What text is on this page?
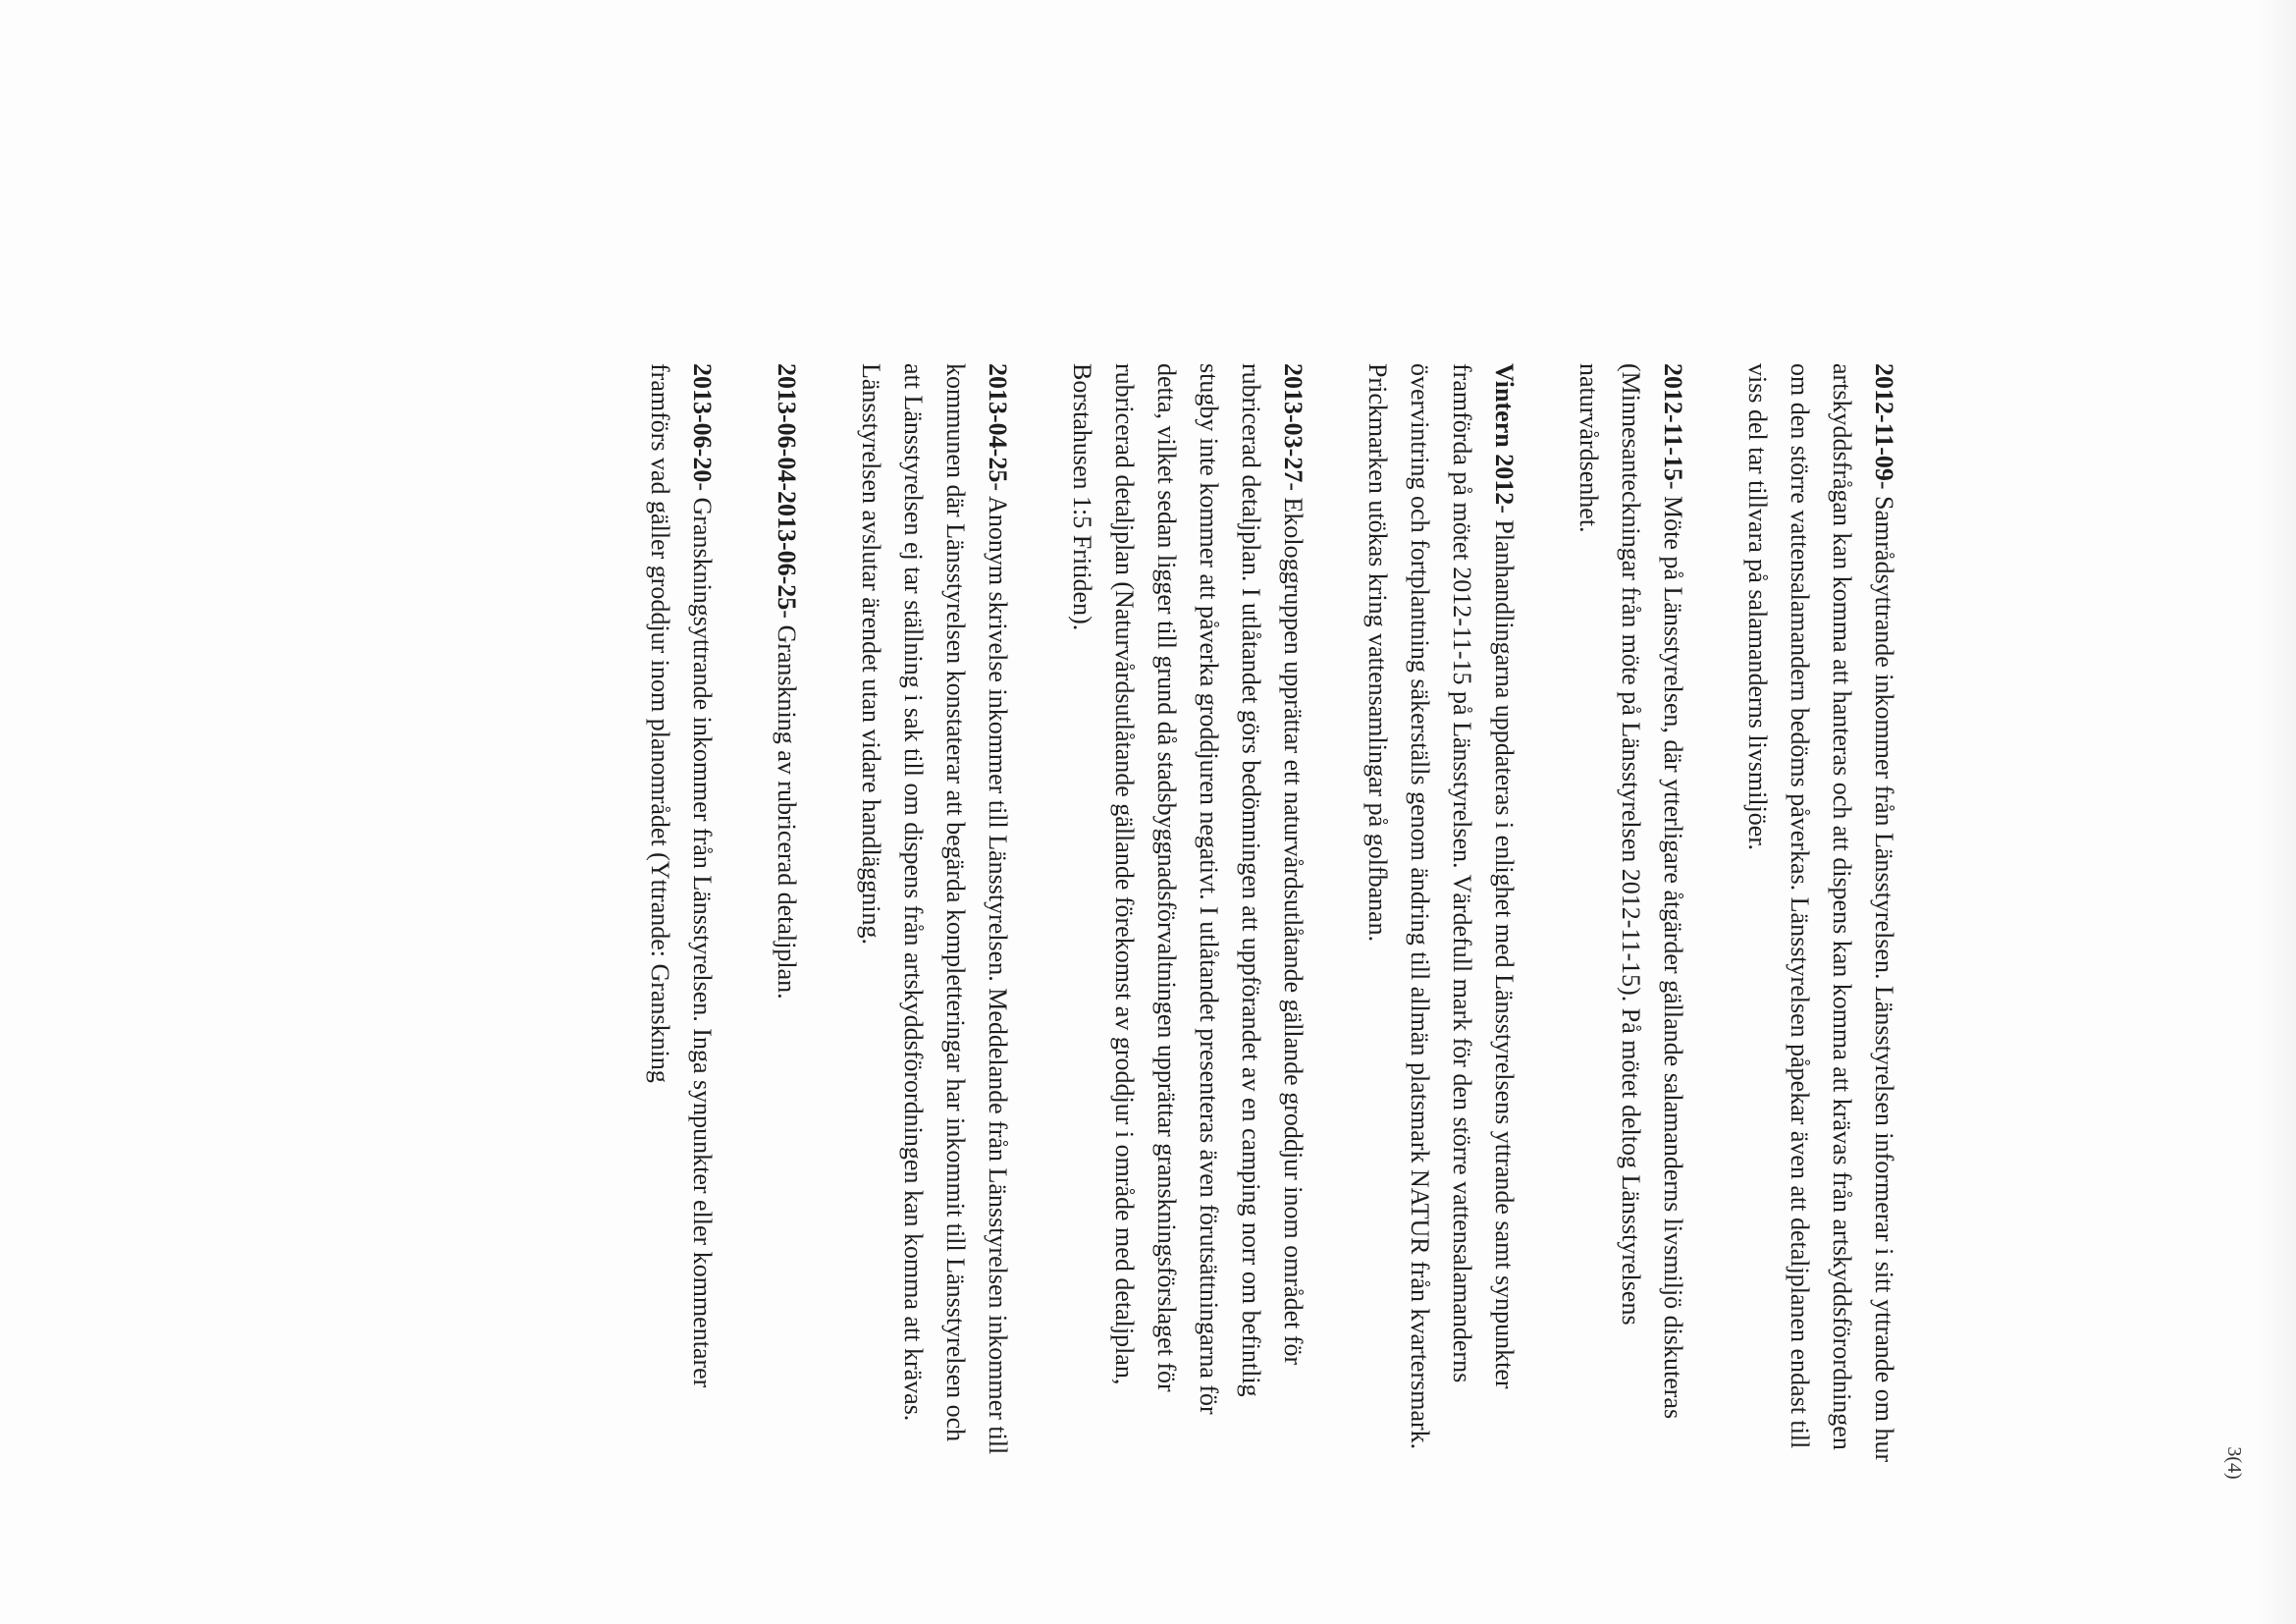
2012-11-09- Samrådsyttrande inkommer från Länsstyrelsen. Länsstyrelsen informerar i sitt yttrande om hur artskyddsfrågan kan komma att hanteras och att dispens kan komma att krävas från artskyddsförordningen om den större vattensalamandern bedöms påverkas. Länsstyrelsen påpekar även att detaljplanen endast till viss del tar tillvara på salamanderns livsmiljöer.

2012-11-15- Möte på Länsstyrelsen, där ytterligare åtgärder gällande salamanderns livsmiljö diskuteras (Minnesanteckningar från möte på Länsstyrelsen 2012-11-15). På mötet deltog Länsstyrelsens naturvårdsenhet.

Vintern 2012- Planhandlingarna uppdateras i enlighet med Länsstyrelsens yttrande samt synpunkter framförda på mötet 2012-11-15 på Länsstyrelsen. Värdefull mark för den större vattensalamanderns övervintring och fortplantning säkerställs genom ändring till allmän platsmark NATUR från kvartersmark. Prickmarken utökas kring vattensamlingar på golfbanan.

2013-03-27- Ekologgruppen upprättar ett naturvårdsutlåtande gällande groddjur inom området för rubricerad detaljplan. I utlåtandet görs bedömningen att uppförandet av en camping norr om befintlig stugby inte kommer att påverka groddjuren negativt. I utlåtandet presenteras även förutsättningarna för detta, vilket sedan ligger till grund då stadsbyggnadsförvaltningen upprättar granskningsförslaget för rubricerad detaljplan (Naturvårdsutlåtande gällande förekomst av groddjur i område med detaljplan, Borstahusen 1:5 Fritiden).

2013-04-25- Anonym skrivelse inkommer till Länsstyrelsen. Meddelande från Länsstyrelsen inkommer till kommunen där Länsstyrelsen konstaterar att begärda kompletteringar har inkommit till Länsstyrelsen och att Länsstyrelsen ej tar ställning i sak till om dispens från artskyddsförordningen kan komma att krävas. Länsstyrelsen avslutar ärendet utan vidare handläggning.

2013-06-04-2013-06-25- Granskning av rubricerad detaljplan.

2013-06-20- Granskningsyttrande inkommer från Länsstyrelsen. Inga synpunkter eller kommentarer framförs vad gäller groddjur inom planområdet (Yttrande: Granskning

3(4)
